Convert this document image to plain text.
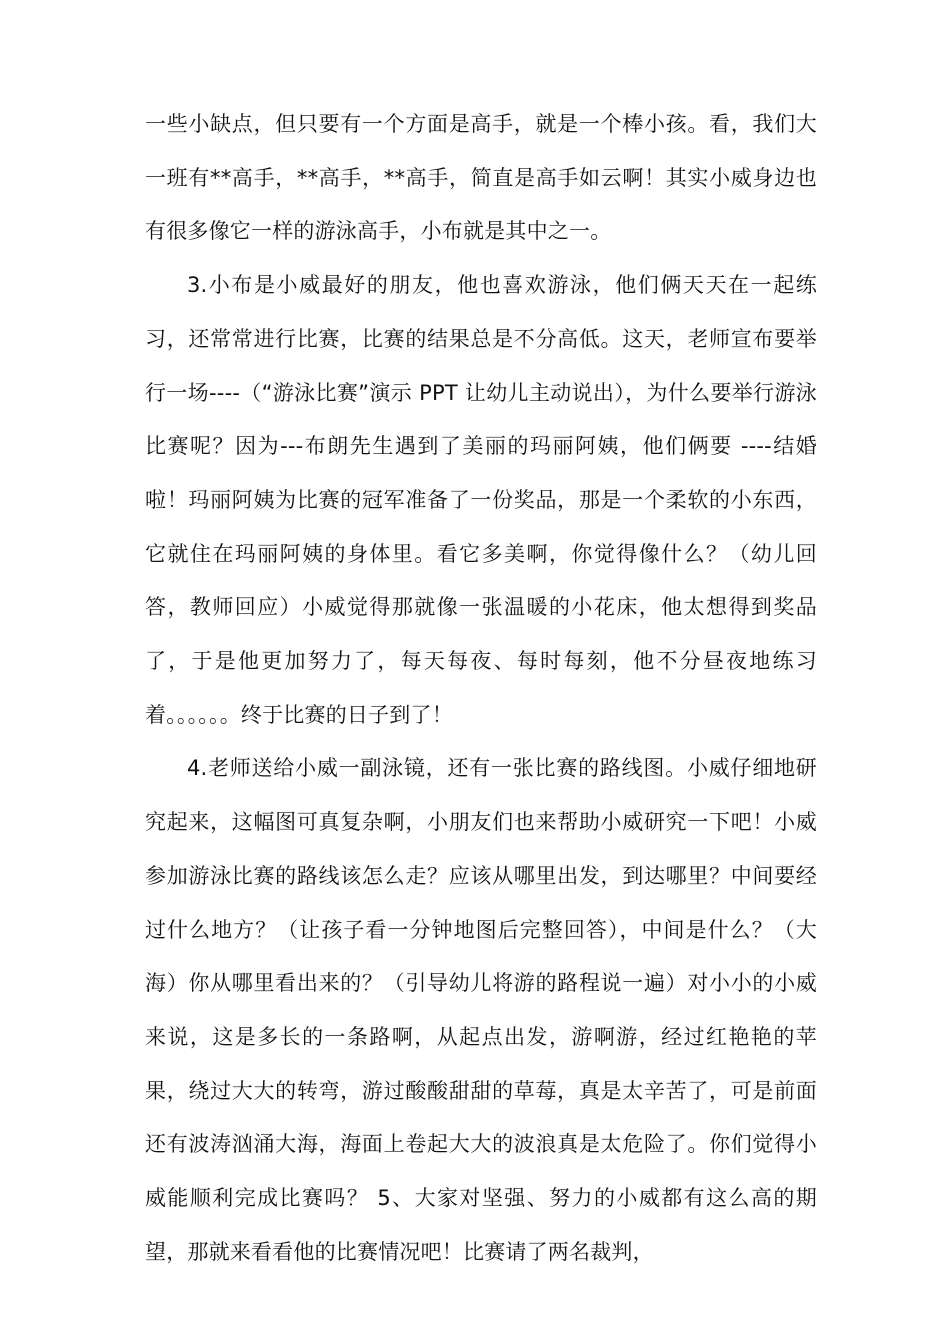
一些小缺点，但只要有一个方面是高手，就是一个棒小孩。看，我们大一班有**高手，**高手，**高手，简直是高手如云啊！其实小威身边也有很多像它一样的游泳高手，小布就是其中之一。

3.小布是小威最好的朋友，他也喜欢游泳，他们俩天天在一起练习，还常常进行比赛，比赛的结果总是不分高低。这天，老师宣布要举行一场----（“游泳比赛”演示 PPT 让幼儿主动说出），为什么要举行游泳比赛呢？因为---布朗先生遇到了美丽的玛丽阿姨，他们俩要 ----结婚啦！玛丽阿姨为比赛的冠军准备了一份奖品，那是一个柔软的小东西，它就住在玛丽阿姨的身体里。看它多美啊，你觉得像什么？（幼儿回答，教师回应）小威觉得那就像一张温暖的小花床，他太想得到奖品了，于是他更加努力了，每天每夜、每时每刻，他不分昼夜地练习着。。。。。。终于比赛的日子到了！

4.老师送给小威一副泳镜，还有一张比赛的路线图。小威仔细地研究起来，这幅图可真复杂啊，小朋友们也来帮助小威研究一下吧！小威参加游泳比赛的路线该怎么走？应该从哪里出发，到达哪里？中间要经过什么地方？（让孩子看一分钟地图后完整回答），中间是什么？（大海）你从哪里看出来的？（引导幼儿将游的路程说一遍）对小小的小威来说，这是多长的一条路啊，从起点出发，游啊游，经过红艳艳的苹果，绕过大大的转弯，游过酸酸甜甜的草莓，真是太辛苦了，可是前面还有波涛汹涌大海，海面上卷起大大的波浪真是太危险了。你们觉得小威能顺利完成比赛吗？ 5、大家对坚强、努力的小威都有这么高的期望，那就来看看他的比赛情况吧！比赛请了两名裁判，
